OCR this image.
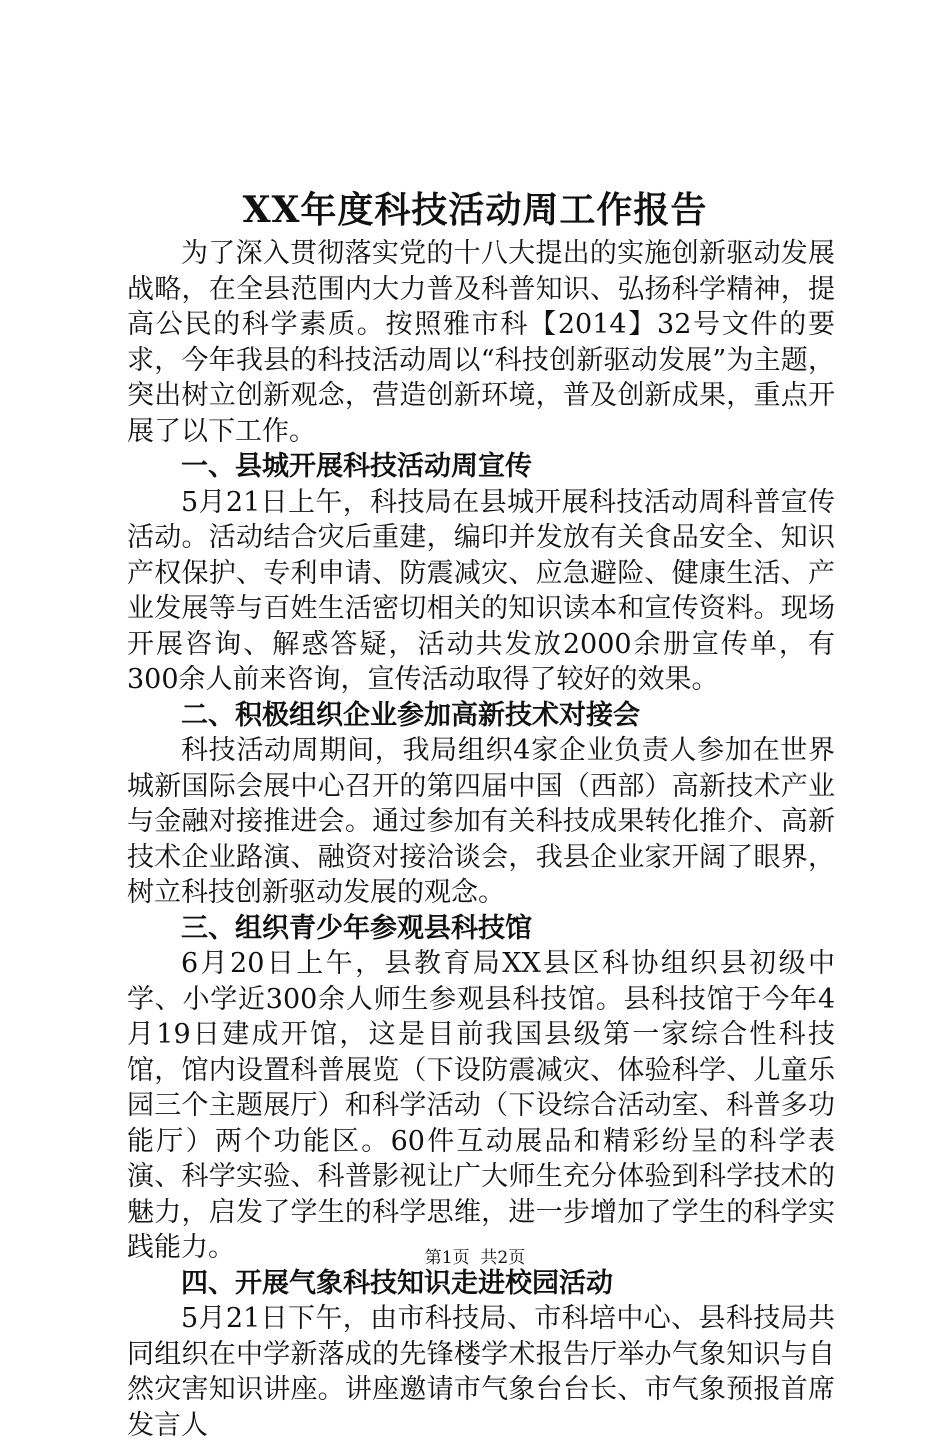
XX年度科技活动周工作报告

为了深入贯彻落实党的十八大提出的实施创新驱动发展战略，在全县范围内大力普及科普知识、弘扬科学精神，提高公民的科学素质。按照雅市科【2014】32号文件的要求，今年我县的科技活动周以“科技创新驱动发展”为主题，突出树立创新观念，营造创新环境，普及创新成果，重点开展了以下工作。

一、县城开展科技活动周宣传

5月21日上午，科技局在县城开展科技活动周科普宣传活动。活动结合灾后重建，编印并发放有关食品安全、知识产权保护、专利申请、防震减灾、应急避险、健康生活、产业发展等与百姓生活密切相关的知识读本和宣传资料。现场开展咨询、解惑答疑，活动共发放2000余册宣传单，有300余人前来咨询，宣传活动取得了较好的效果。

二、积极组织企业参加高新技术对接会

科技活动周期间，我局组织4家企业负责人参加在世界城新国际会展中心召开的第四届中国（西部）高新技术产业与金融对接推进会。通过参加有关科技成果转化推介、高新技术企业路演、融资对接洽谈会，我县企业家开阔了眼界，树立科技创新驱动发展的观念。

三、组织青少年参观县科技馆

6月20日上午，县教育局XX县区科协组织县初级中学、小学近300余人师生参观县科技馆。县科技馆于今年4月19日建成开馆，这是目前我国县级第一家综合性科技馆，馆内设置科普展览（下设防震减灾、体验科学、儿童乐园三个主题展厅）和科学活动（下设综合活动室、科普多功能厅）两个功能区。60件互动展品和精彩纷呈的科学表演、科学实验、科普影视让广大师生充分体验到科学技术的魅力，启发了学生的科学思维，进一步增加了学生的科学实践能力。

四、开展气象科技知识走进校园活动

5月21日下午，由市科技局、市科培中心、县科技局共同组织在中学新落成的先锋楼学术报告厅举办气象知识与自然灾害知识讲座。讲座邀请市气象台台长、市气象预报首席发言人

第1页 共2页
